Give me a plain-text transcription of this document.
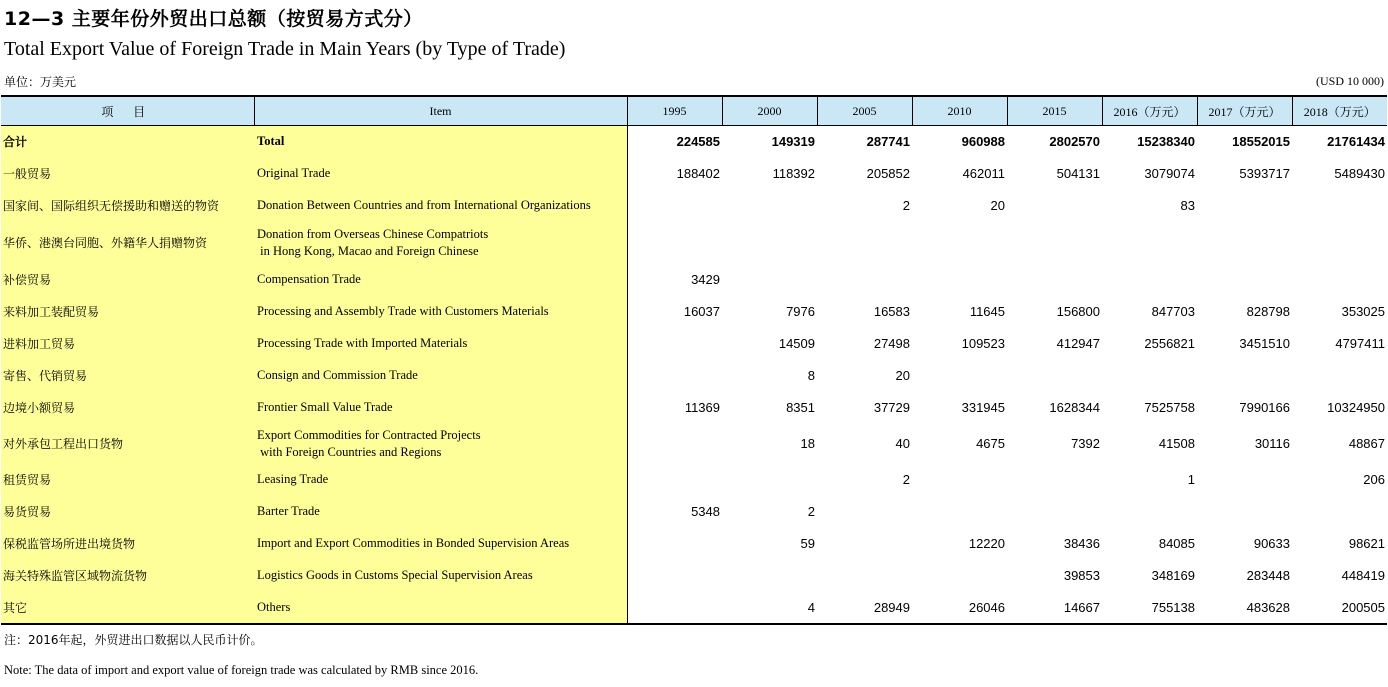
12—3 主要年份外贸出口总额（按贸易方式分）
Total Export Value of Foreign Trade in Main Years (by Type of Trade)
单位：万美元	(USD 10 000)
项 目	Item	1995	2000	2005	2010	2015	2016（万元）	2017（万元）	2018（万元）
合计	Total	224585	149319	287741	960988	2802570	15238340	18552015	21761434
一般贸易	Original Trade	188402	118392	205852	462011	504131	3079074	5393717	5489430
国家间、国际组织无偿援助和赠送的物资	Donation Between Countries and from International Organizations			2	20		83		
华侨、港澳台同胞、外籍华人捐赠物资	Donation from Overseas Chinese Compatriots
in Hong Kong, Macao and Foreign Chinese								

补偿贸易	Compensation Trade	3429							
来料加工装配贸易	Processing and Assembly Trade with Customers Materials	16037	7976	16583	11645	156800	847703	828798	353025
进料加工贸易	Processing Trade with Imported Materials		14509	27498	109523	412947	2556821	3451510	4797411
寄售、代销贸易	Consign and Commission Trade		8	20					
边境小额贸易	Frontier Small Value Trade	11369	8351	37729	331945	1628344	7525758	7990166	10324950
对外承包工程出口货物	Export Commodities for Contracted Projects
with Foreign Countries and Regions		18	40	4675	7392	41508	30116	48867
租赁贸易	Leasing Trade			2			1		206
易货贸易	Barter Trade	5348	2						
保税监管场所进出境货物	Import and Export Commodities in Bonded Supervision Areas		59		12220	38436	84085	90633	98621
海关特殊监管区域物流货物	Logistics Goods in Customs Special Supervision Areas					39853	348169	283448	448419
其它	Others		4	28949	26046	14667	755138	483628	200505
注：2016年起，外贸进出口数据以人民币计价。
Note: The data of import and export value of foreign trade was calculated by RMB since 2016.
